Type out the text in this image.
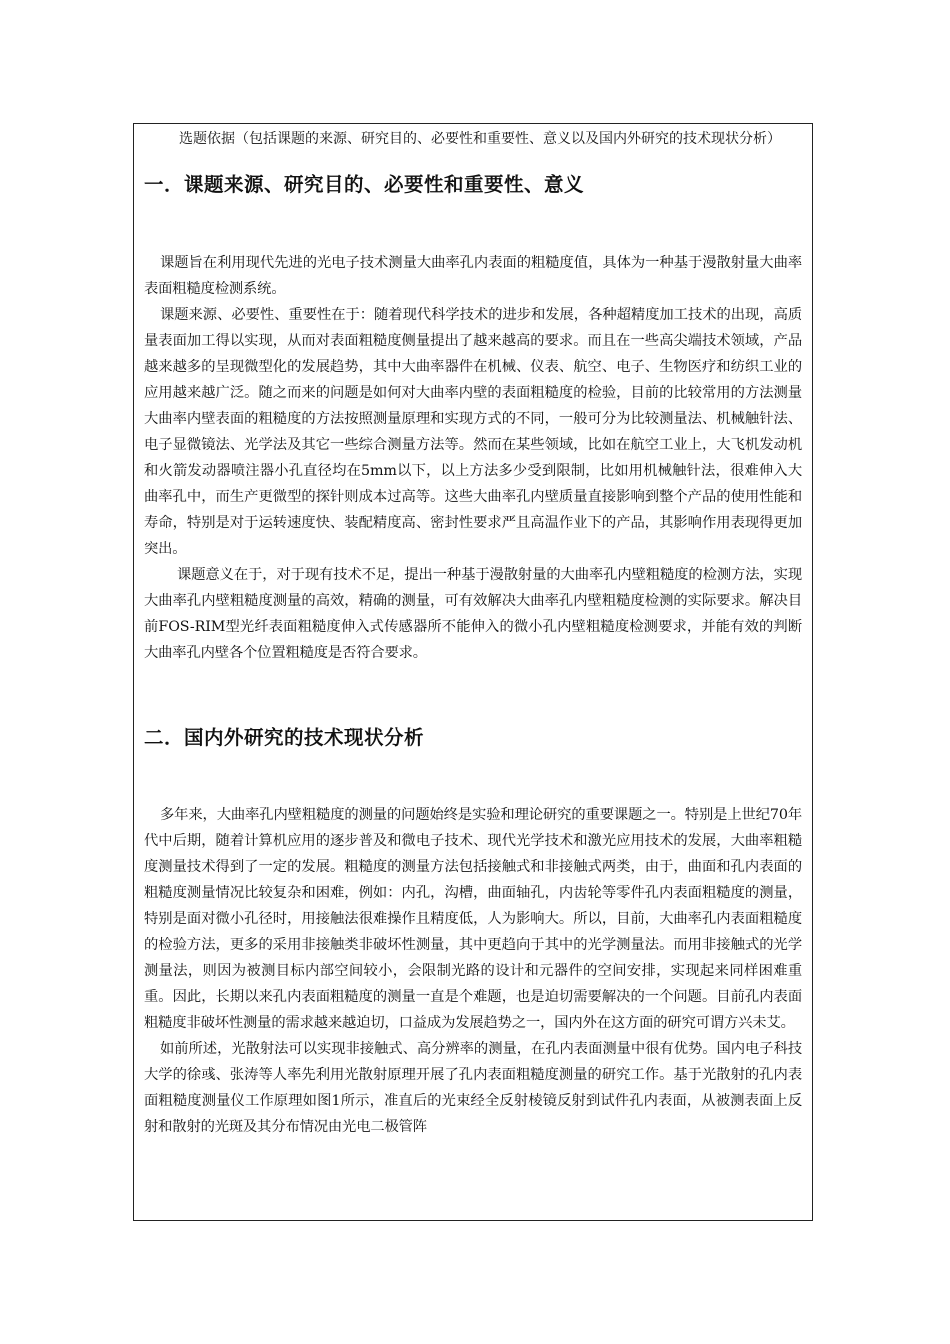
选题依据（包括课题的来源、研究目的、必要性和重要性、意义以及国内外研究的技术现状分析）

一．课题来源、研究目的、必要性和重要性、意义

课题旨在利用现代先进的光电子技术测量大曲率孔内表面的粗糙度值，具体为一种基于漫散射量大曲率表面粗糙度检测系统。

课题来源、必要性、重要性在于：随着现代科学技术的进步和发展，各种超精度加工技术的出现，高质量表面加工得以实现，从而对表面粗糙度侧量提出了越来越高的要求。而且在一些高尖端技术领域，产品越来越多的呈现微型化的发展趋势，其中大曲率器件在机械、仪表、航空、电子、生物医疗和纺织工业的应用越来越广泛。随之而来的问题是如何对大曲率内壁的表面粗糙度的检验，目前的比较常用的方法测量大曲率内壁表面的粗糙度的方法按照测量原理和实现方式的不同，一般可分为比较测量法、机械触针法、电子显微镜法、光学法及其它一些综合测量方法等。然而在某些领域，比如在航空工业上，大飞机发动机和火箭发动器喷注器小孔直径均在5mm以下，以上方法多少受到限制，比如用机械触针法，很难伸入大曲率孔中，而生产更微型的探针则成本过高等。这些大曲率孔内壁质量直接影响到整个产品的使用性能和寿命，特别是对于运转速度快、装配精度高、密封性要求严且高温作业下的产品，其影响作用表现得更加突出。

课题意义在于，对于现有技术不足，提出一种基于漫散射量的大曲率孔内壁粗糙度的检测方法，实现大曲率孔内壁粗糙度测量的高效，精确的测量，可有效解决大曲率孔内壁粗糙度检测的实际要求。解决目前FOS-RIM型光纤表面粗糙度伸入式传感器所不能伸入的微小孔内壁粗糙度检测要求，并能有效的判断大曲率孔内壁各个位置粗糙度是否符合要求。

二．国内外研究的技术现状分析

多年来，大曲率孔内壁粗糙度的测量的问题始终是实验和理论研究的重要课题之一。特别是上世纪70年代中后期，随着计算机应用的逐步普及和微电子技术、现代光学技术和激光应用技术的发展，大曲率粗糙度测量技术得到了一定的发展。粗糙度的测量方法包括接触式和非接触式两类，由于，曲面和孔内表面的粗糙度测量情况比较复杂和困难，例如：内孔，沟槽，曲面轴孔，内齿轮等零件孔内表面粗糙度的测量，特别是面对微小孔径时，用接触法很难操作且精度低，人为影响大。所以，目前，大曲率孔内表面粗糙度的检验方法，更多的采用非接触类非破坏性测量，其中更趋向于其中的光学测量法。而用非接触式的光学测量法，则因为被测目标内部空间较小，会限制光路的设计和元器件的空间安排，实现起来同样困难重重。因此，长期以来孔内表面粗糙度的测量一直是个难题，也是迫切需要解决的一个问题。目前孔内表面粗糙度非破坏性测量的需求越来越迫切，口益成为发展趋势之一，国内外在这方面的研究可谓方兴未艾。

如前所述，光散射法可以实现非接触式、高分辨率的测量，在孔内表面测量中很有优势。国内电子科技大学的徐彧、张涛等人率先利用光散射原理开展了孔内表面粗糙度测量的研究工作。基于光散射的孔内表面粗糙度测量仪工作原理如图1所示，准直后的光束经全反射棱镜反射到试件孔内表面，从被测表面上反射和散射的光斑及其分布情况由光电二极管阵
